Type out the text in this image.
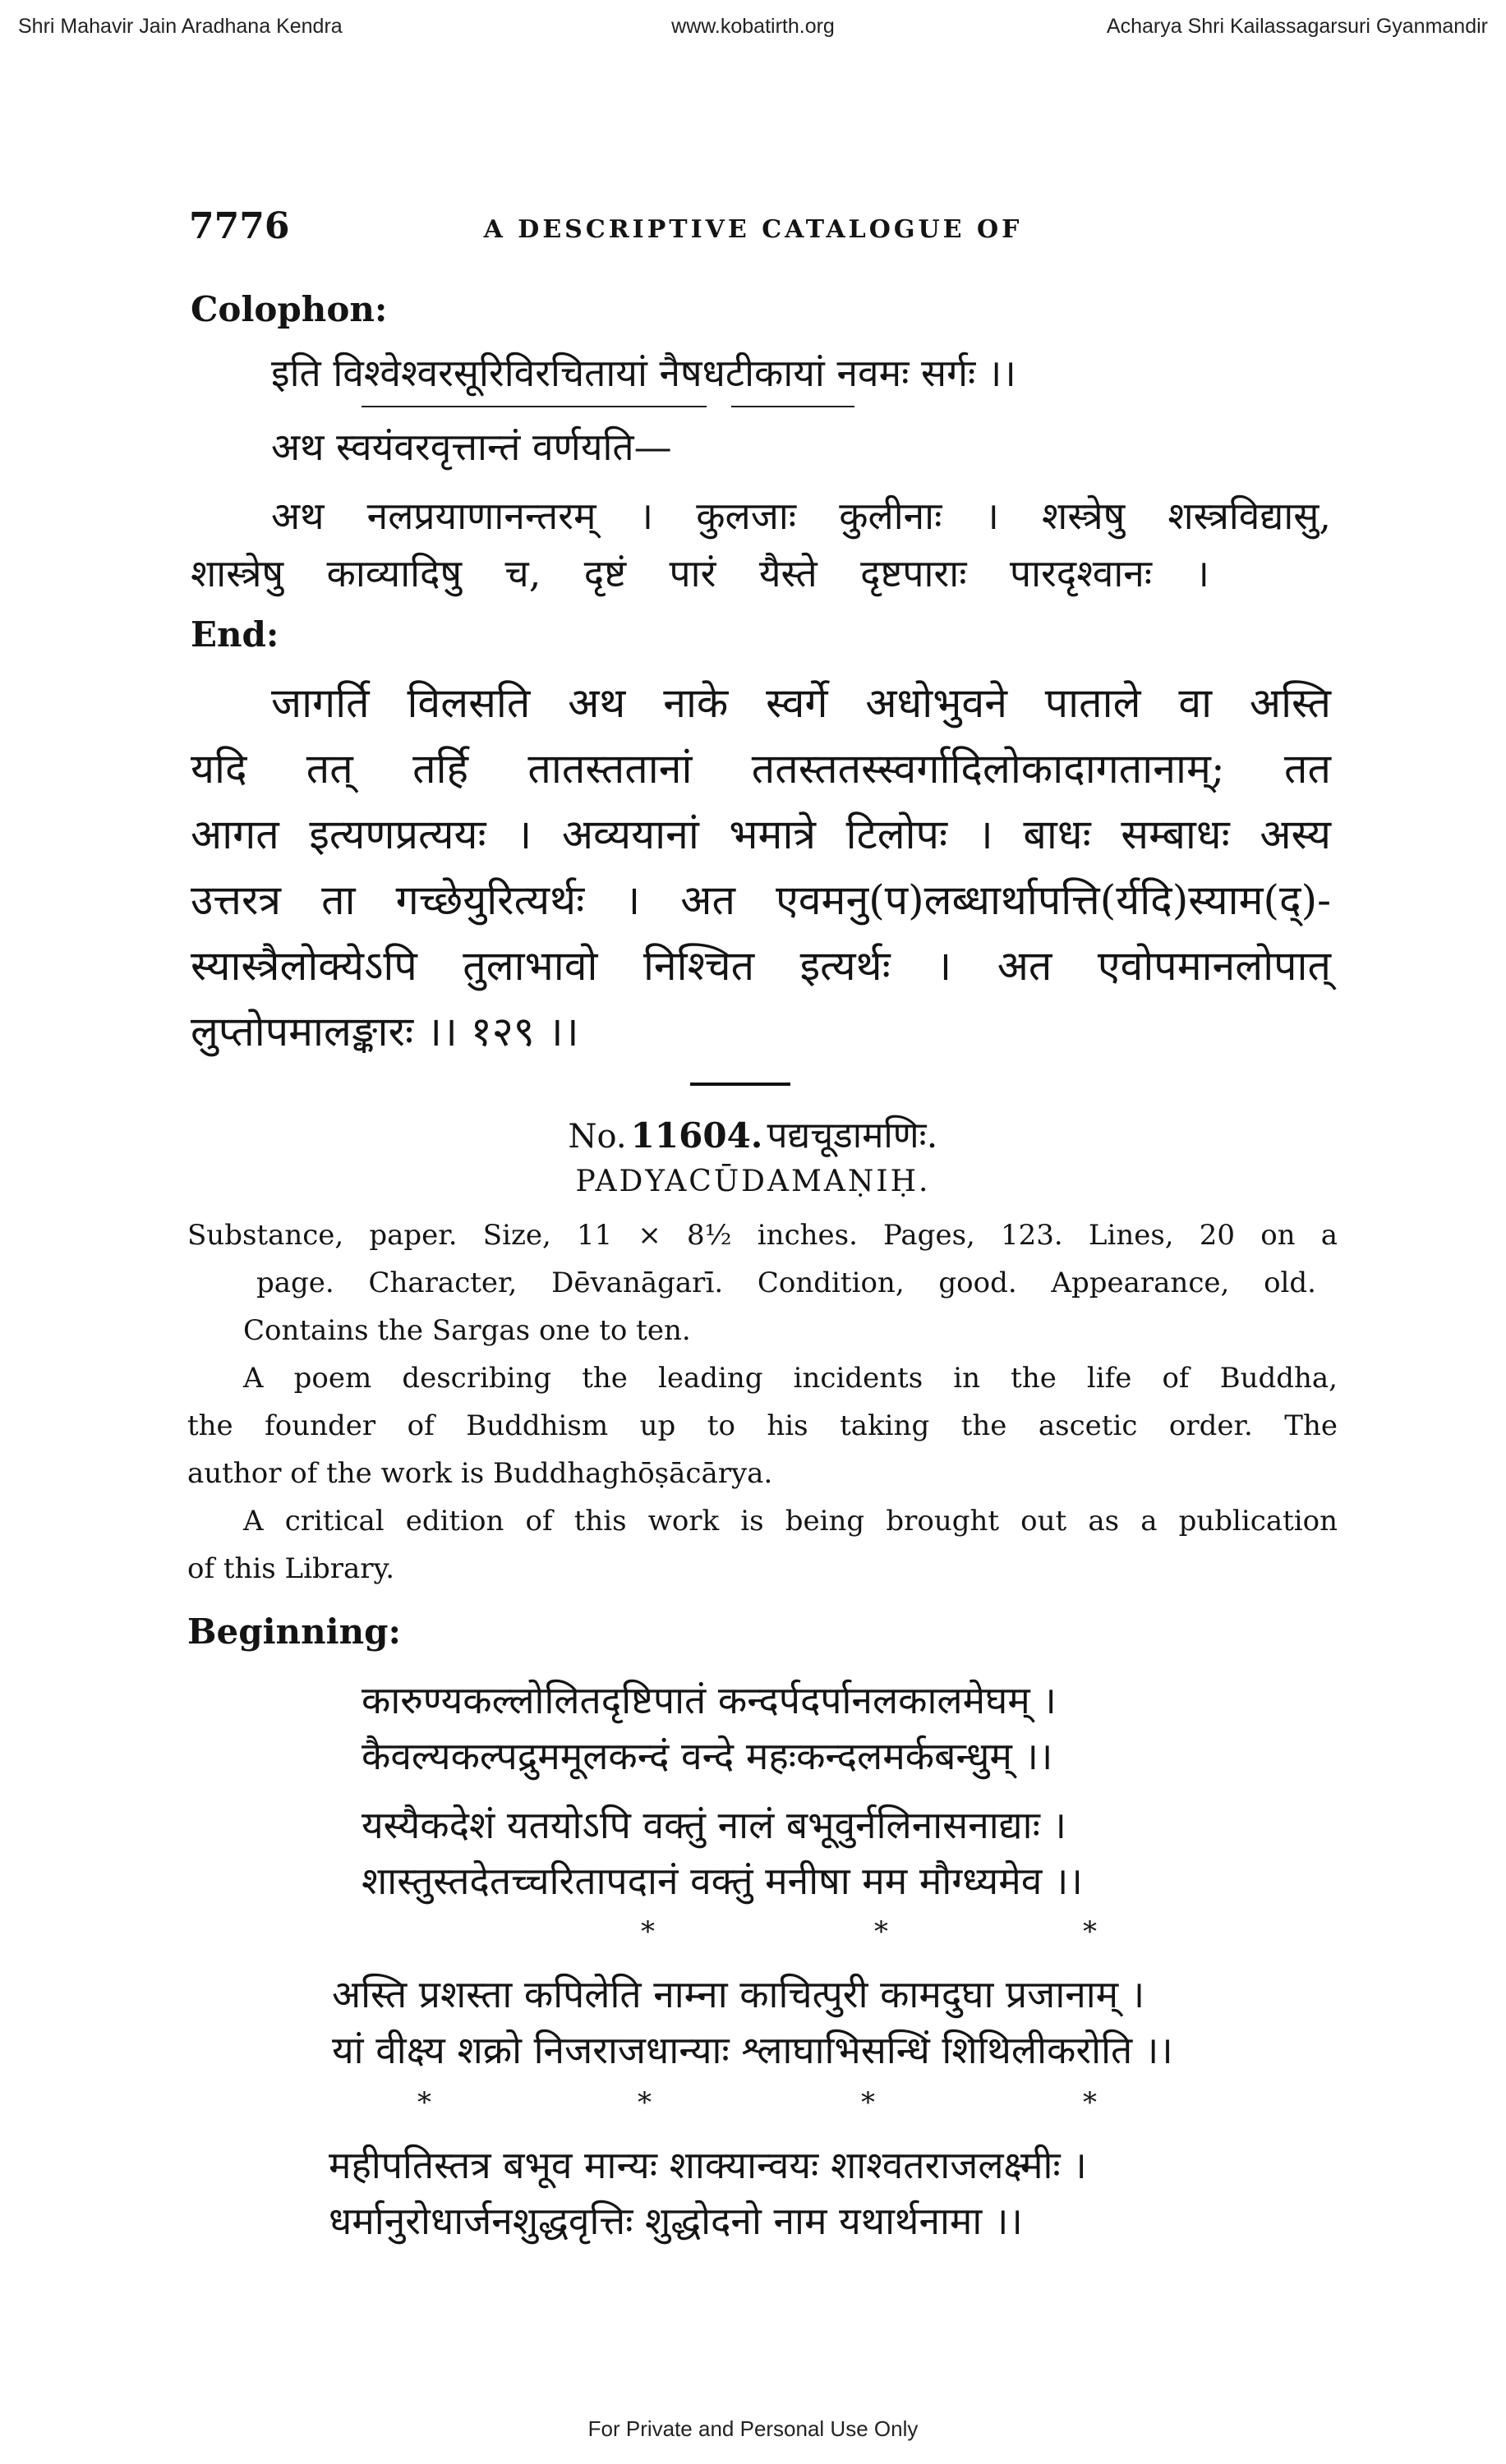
Shri Mahavir Jain Aradhana Kendra	www.kobatirth.org	Acharya Shri Kailassagarsuri Gyanmandir
7776	A DESCRIPTIVE CATALOGUE OF
Colophon:
इति विश्वेश्वरसूरिविरचितायां नैषधटीकायां नवमः सर्गः ।।
अथ स्वयंवरवृत्तान्तं वर्णयति—
अथ नलप्रयाणानन्तरम् । कुलजाः कुलीनाः । शस्त्रेषु शस्त्रविद्यासु,
शास्त्रेषु काव्यादिषु च, दृष्टं पारं यैस्ते दृष्टपाराः पारदृश्वानः ।
End:
जागर्ति विलसति अथ नाके स्वर्गे अधोभुवने पाताले वा अस्ति
यदि तत् तर्हि तातस्ततानां ततस्ततस्स्वर्गादिलोकादागतानाम्; तत
आगत इत्यणप्रत्ययः । अव्ययानां भमात्रे टिलोपः । बाधः सम्बाधः अस्य
उत्तरत्र ता गच्छेयुरित्यर्थः । अत एवमनु(प)लब्धार्थापत्ति(र्यदि)स्याम(द्)-
स्यास्त्रैलोक्येऽपि तुलाभावो निश्चित इत्यर्थः । अत एवोपमानलोपात्
लुप्तोपमालङ्कारः ।। १२९ ।।
No. 11604. पद्यचूडामणिः.
PADYACŪDAMAṆIḤ.
Substance, paper. Size, 11 × 8½ inches. Pages, 123. Lines, 20 on a
page. Character, Dēvanāgarī. Condition, good. Appearance, old.
Contains the Sargas one to ten.
A poem describing the leading incidents in the life of Buddha,
the founder of Buddhism up to his taking the ascetic order. The
author of the work is Buddhaghōṣācārya.
A critical edition of this work is being brought out as a publication
of this Library.
Beginning:
कारुण्यकल्लोलितदृष्टिपातं कन्दर्पदर्पानलकालमेघम् ।
कैवल्यकल्पद्रुममूलकन्दं वन्दे महःकन्दलमर्कबन्धुम् ।।
यस्यैकदेशं यतयोऽपि वक्तुं नालं बभूवुर्नलिनासनाद्याः ।
शास्तुस्तदेतच्चरितापदानं वक्तुं मनीषा मम मौग्ध्यमेव ।।
*	*	*
अस्ति प्रशस्ता कपिलेति नाम्ना काचित्पुरी कामदुघा प्रजानाम् ।
यां वीक्ष्य शक्रो निजराजधान्याः श्लाघाभिसन्धिं शिथिलीकरोति ।।
*	*	*	*
महीपतिस्तत्र बभूव मान्यः शाक्यान्वयः शाश्वतराजलक्ष्मीः ।
धर्मानुरोधार्जनशुद्धवृत्तिः शुद्धोदनो नाम यथार्थनामा ।।
For Private and Personal Use Only
